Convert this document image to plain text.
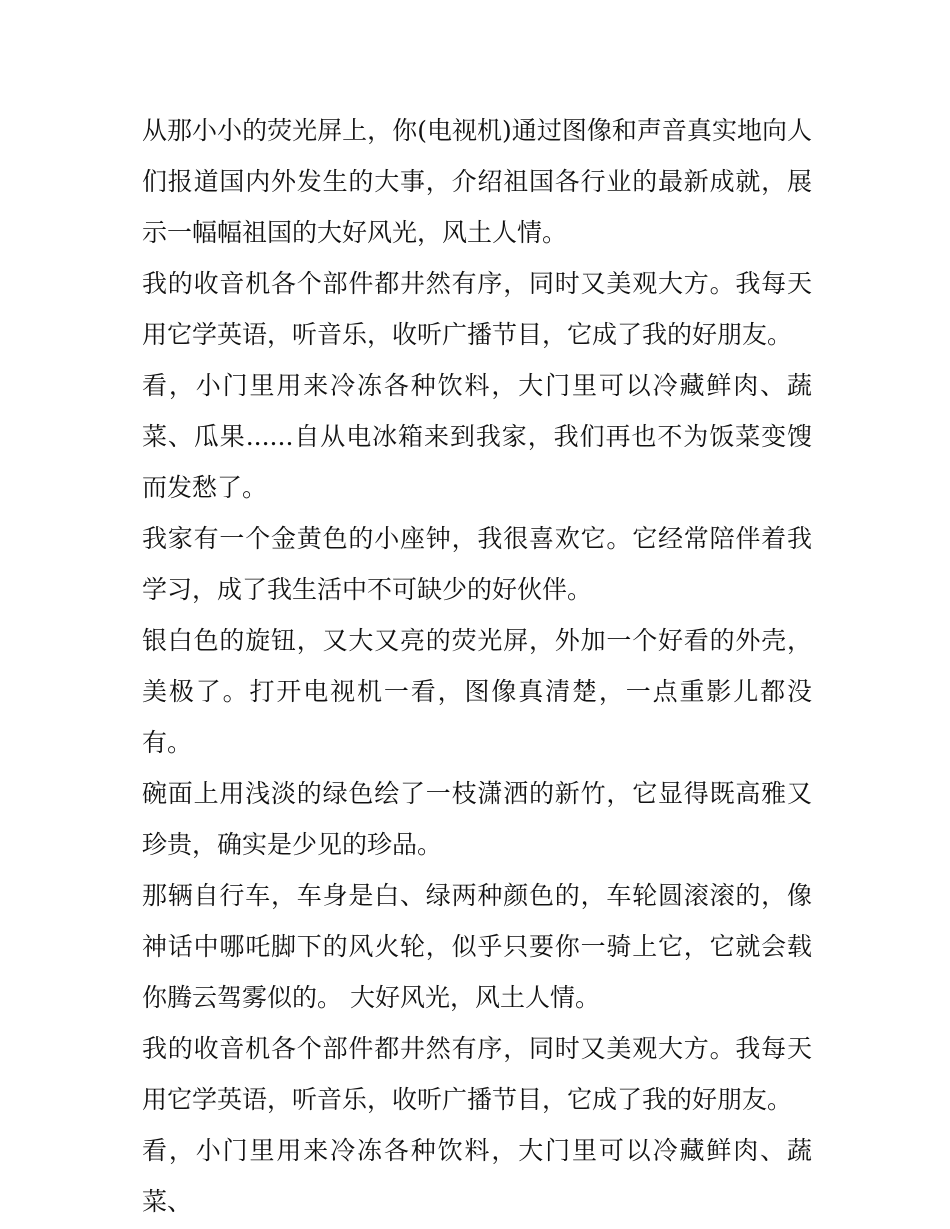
从那小小的荧光屏上，你(电视机)通过图像和声音真实地向人们报道国内外发生的大事，介绍祖国各行业的最新成就，展示一幅幅祖国的大好风光，风土人情。

我的收音机各个部件都井然有序，同时又美观大方。我每天用它学英语，听音乐，收听广播节目，它成了我的好朋友。

看，小门里用来冷冻各种饮料，大门里可以冷藏鲜肉、蔬菜、瓜果......自从电冰箱来到我家，我们再也不为饭菜变馊而发愁了。

我家有一个金黄色的小座钟，我很喜欢它。它经常陪伴着我学习，成了我生活中不可缺少的好伙伴。

银白色的旋钮，又大又亮的荧光屏，外加一个好看的外壳，美极了。打开电视机一看，图像真清楚，一点重影儿都没有。

碗面上用浅淡的绿色绘了一枝潇洒的新竹，它显得既高雅又珍贵，确实是少见的珍品。

那辆自行车，车身是白、绿两种颜色的，车轮圆滚滚的，像神话中哪吒脚下的风火轮，似乎只要你一骑上它，它就会载你腾云驾雾似的。 大好风光，风土人情。

我的收音机各个部件都井然有序，同时又美观大方。我每天用它学英语，听音乐，收听广播节目，它成了我的好朋友。

看，小门里用来冷冻各种饮料，大门里可以冷藏鲜肉、蔬菜、
